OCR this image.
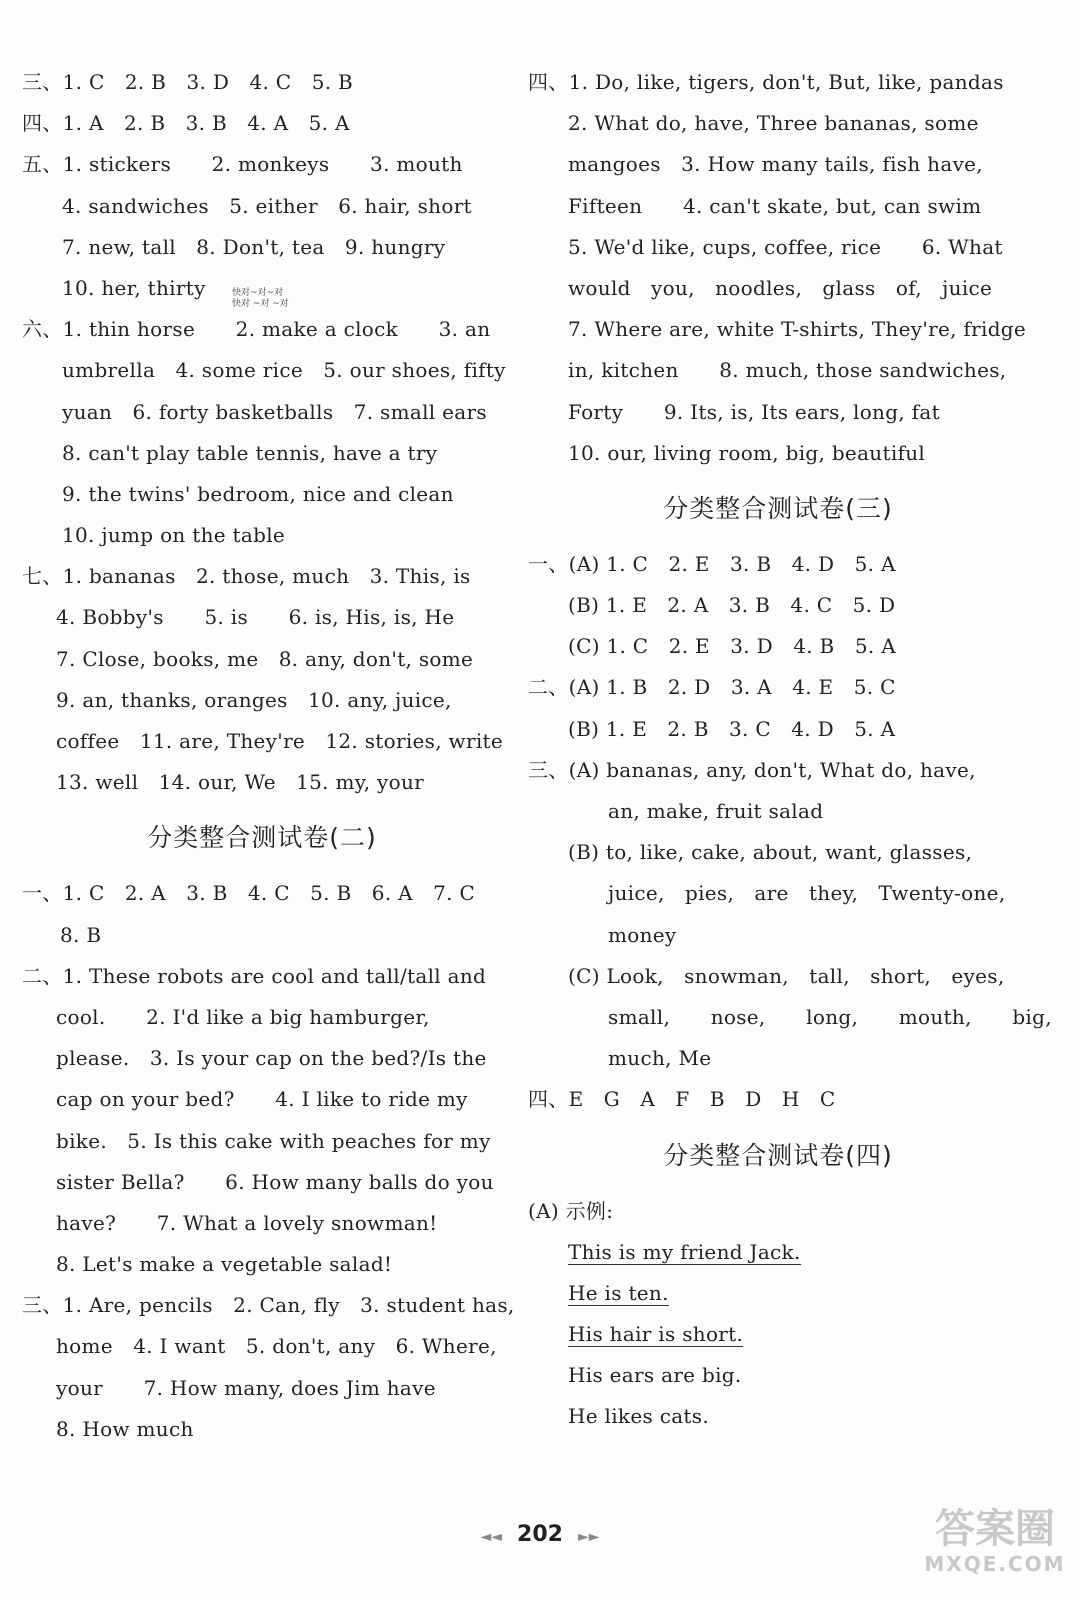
三、1. C　2. B　3. D　4. C　5. B
四、1. A　2. B　3. B　4. A　5. A
五、1. stickers　　2. monkeys　　3. mouth
4. sandwiches　5. either　6. hair, short
7. new, tall　8. Don't, tea　9. hungry
10. her, thirty
六、1. thin horse　　2. make a clock　　3. an
umbrella　4. some rice　5. our shoes, fifty
yuan　6. forty basketballs　7. small ears
8. can't play table tennis, have a try
9. the twins' bedroom, nice and clean
10. jump on the table
七、1. bananas　2. those, much　3. This, is
4. Bobby's　　5. is　　6. is, His, is, He
7. Close, books, me　8. any, don't, some
9. an, thanks, oranges　10. any, juice,
coffee　11. are, They're　12. stories, write
13. well　14. our, We　15. my, your
分类整合测试卷(二)
一、1. C　2. A　3. B　4. C　5. B　6. A　7. C
8. B
二、1. These robots are cool and tall/tall and
cool.　　2. I'd like a big hamburger,
please.　3. Is your cap on the bed?/Is the
cap on your bed?　　4. I like to ride my
bike.　5. Is this cake with peaches for my
sister Bella?　　6. How many balls do you
have?　　7. What a lovely snowman!
8. Let's make a vegetable salad!
三、1. Are, pencils　2. Can, fly　3. student has,
home　4. I want　5. don't, any　6. Where,
your　　7. How many, does Jim have
8. How much
快对~对~对
快对 ~对 ~对
四、1. Do, like, tigers, don't, But, like, pandas
2. What do, have, Three bananas, some
mangoes　3. How many tails, fish have,
Fifteen　　4. can't skate, but, can swim
5. We'd like, cups, coffee, rice　　6. What
would　you,　noodles,　glass　of,　juice
7. Where are, white T-shirts, They're, fridge
in, kitchen　　8. much, those sandwiches,
Forty　　9. Its, is, Its ears, long, fat
10. our, living room, big, beautiful
分类整合测试卷(三)
一、(A) 1. C　2. E　3. B　4. D　5. A
(B) 1. E　2. A　3. B　4. C　5. D
(C) 1. C　2. E　3. D　4. B　5. A
二、(A) 1. B　2. D　3. A　4. E　5. C
(B) 1. E　2. B　3. C　4. D　5. A
三、(A) bananas, any, don't, What do, have,
an, make, fruit salad
(B) to, like, cake, about, want, glasses,
juice,　pies,　are　they,　Twenty-one,
money
(C) Look,　snowman,　tall,　short,　eyes,
small,　　nose,　　long,　　mouth,　　big,
much, Me
四、E　G　A　F　B　D　H　C
分类整合测试卷(四)
(A) 示例:
This is my friend Jack.
He is ten.
His hair is short.
His ears are big.
He likes cats.
◄◄ 202 ►►	答案圈
MXQE.COM
